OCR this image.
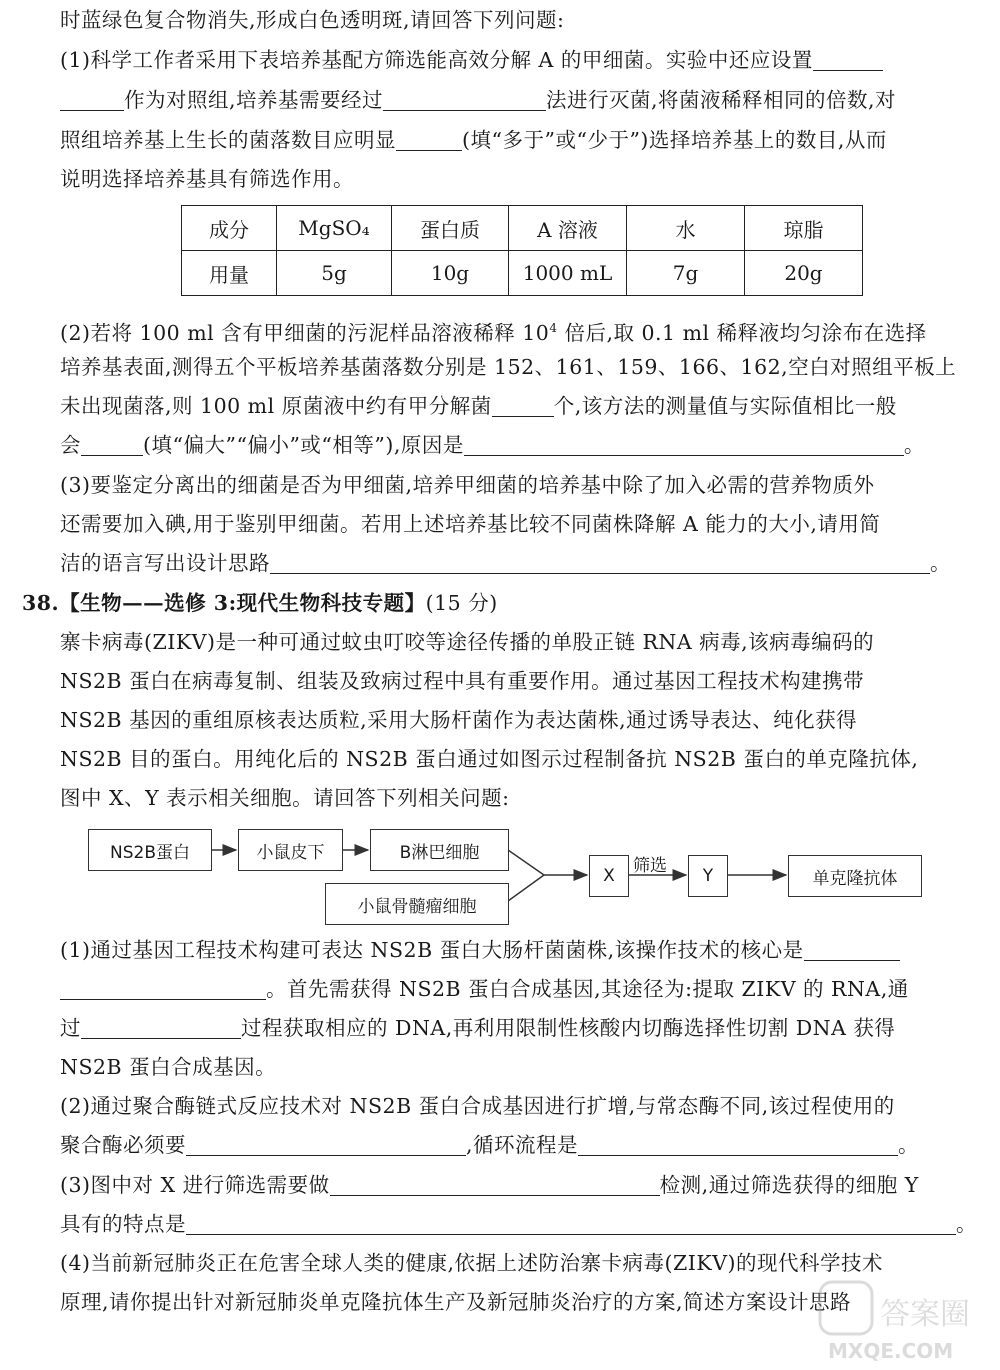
时蓝绿色复合物消失,形成白色透明斑,请回答下列问题:
(1)科学工作者采用下表培养基配方筛选能高效分解 A 的甲细菌。实验中还应设置
作为对照组,培养基需要经过	法进行灭菌,将菌液稀释相同的倍数,对
照组培养基上生长的菌落数目应明显	(填“多于”或“少于”)选择培养基上的数目,从而
说明选择培养基具有筛选作用。
成分	MgSO₄	蛋白质	A 溶液	水	琼脂
用量	5g	10g	1000 mL	7g	20g
(2)若将 100 ml 含有甲细菌的污泥样品溶液稀释 $10^4$ 倍后,取 0.1 ml 稀释液均匀涂布在选择
培养基表面,测得五个平板培养基菌落数分别是 152、161、159、166、162,空白对照组平板上
未出现菌落,则 100 ml 原菌液中约有甲分解菌	个,该方法的测量值与实际值相比一般
会	(填“偏大”“偏小”或“相等”),原因是	。
(3)要鉴定分离出的细菌是否为甲细菌,培养甲细菌的培养基中除了加入必需的营养物质外
还需要加入碘,用于鉴别甲细菌。若用上述培养基比较不同菌株降解 A 能力的大小,请用简
洁的语言写出设计思路	。
38.【生物——选修 3:现代生物科技专题】(15 分)
寨卡病毒(ZIKV)是一种可通过蚊虫叮咬等途径传播的单股正链 RNA 病毒,该病毒编码的
NS2B 蛋白在病毒复制、组装及致病过程中具有重要作用。通过基因工程技术构建携带
NS2B 基因的重组原核表达质粒,采用大肠杆菌作为表达菌株,通过诱导表达、纯化获得
NS2B 目的蛋白。用纯化后的 NS2B 蛋白通过如图示过程制备抗 NS2B 蛋白的单克隆抗体,
图中 X、Y 表示相关细胞。请回答下列相关问题:
NS2B蛋白	小鼠皮下	B淋巴细胞
小鼠骨髓瘤细胞
X	筛选	Y	单克隆抗体
(1)通过基因工程技术构建可表达 NS2B 蛋白大肠杆菌菌株,该操作技术的核心是
。首先需获得 NS2B 蛋白合成基因,其途径为:提取 ZIKV 的 RNA,通
过	过程获取相应的 DNA,再利用限制性核酸内切酶选择性切割 DNA 获得
NS2B 蛋白合成基因。
(2)通过聚合酶链式反应技术对 NS2B 蛋白合成基因进行扩增,与常态酶不同,该过程使用的
聚合酶必须要	,循环流程是	。
(3)图中对 X 进行筛选需要做	检测,通过筛选获得的细胞 Y
具有的特点是	。
(4)当前新冠肺炎正在危害全球人类的健康,依据上述防治寨卡病毒(ZIKV)的现代科学技术
原理,请你提出针对新冠肺炎单克隆抗体生产及新冠肺炎治疗的方案,简述方案设计思路 答案圈
MXQE.COM
